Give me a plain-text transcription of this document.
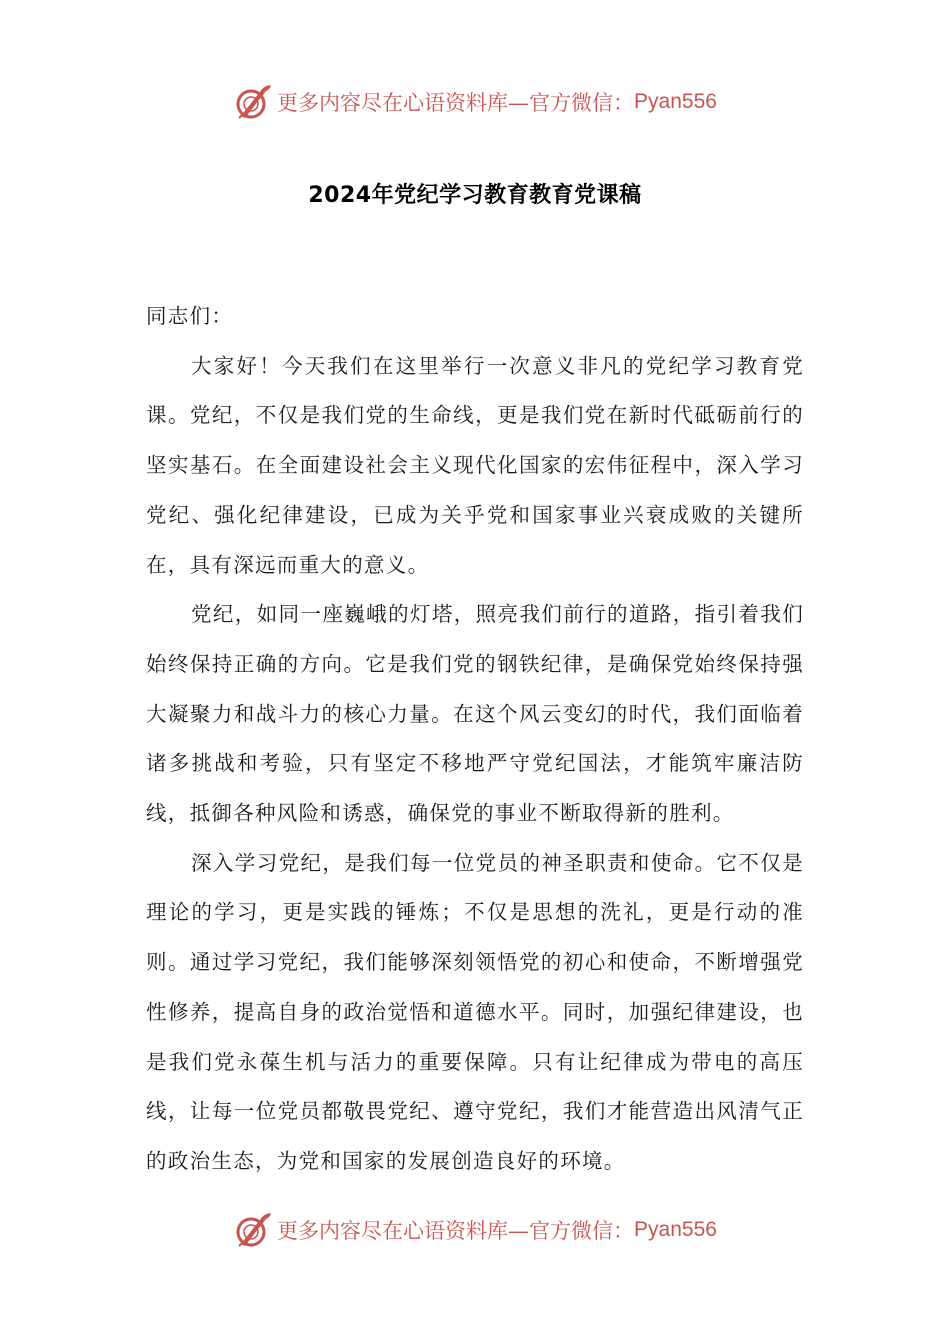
更多内容尽在心语资料库—官方微信： Pyan556
2024年党纪学习教育教育党课稿

同志们：

大家好！今天我们在这里举行一次意义非凡的党纪学习教育党课。党纪，不仅是我们党的生命线，更是我们党在新时代砥砺前行的坚实基石。在全面建设社会主义现代化国家的宏伟征程中，深入学习党纪、强化纪律建设，已成为关乎党和国家事业兴衰成败的关键所在，具有深远而重大的意义。

党纪，如同一座巍峨的灯塔，照亮我们前行的道路，指引着我们始终保持正确的方向。它是我们党的钢铁纪律，是确保党始终保持强大凝聚力和战斗力的核心力量。在这个风云变幻的时代，我们面临着诸多挑战和考验，只有坚定不移地严守党纪国法，才能筑牢廉洁防线，抵御各种风险和诱惑，确保党的事业不断取得新的胜利。

深入学习党纪，是我们每一位党员的神圣职责和使命。它不仅是理论的学习，更是实践的锤炼；不仅是思想的洗礼，更是行动的准则。通过学习党纪，我们能够深刻领悟党的初心和使命，不断增强党性修养，提高自身的政治觉悟和道德水平。同时，加强纪律建设，也是我们党永葆生机与活力的重要保障。只有让纪律成为带电的高压线，让每一位党员都敬畏党纪、遵守党纪，我们才能营造出风清气正的政治生态，为党和国家的发展创造良好的环境。

更多内容尽在心语资料库—官方微信： Pyan556
